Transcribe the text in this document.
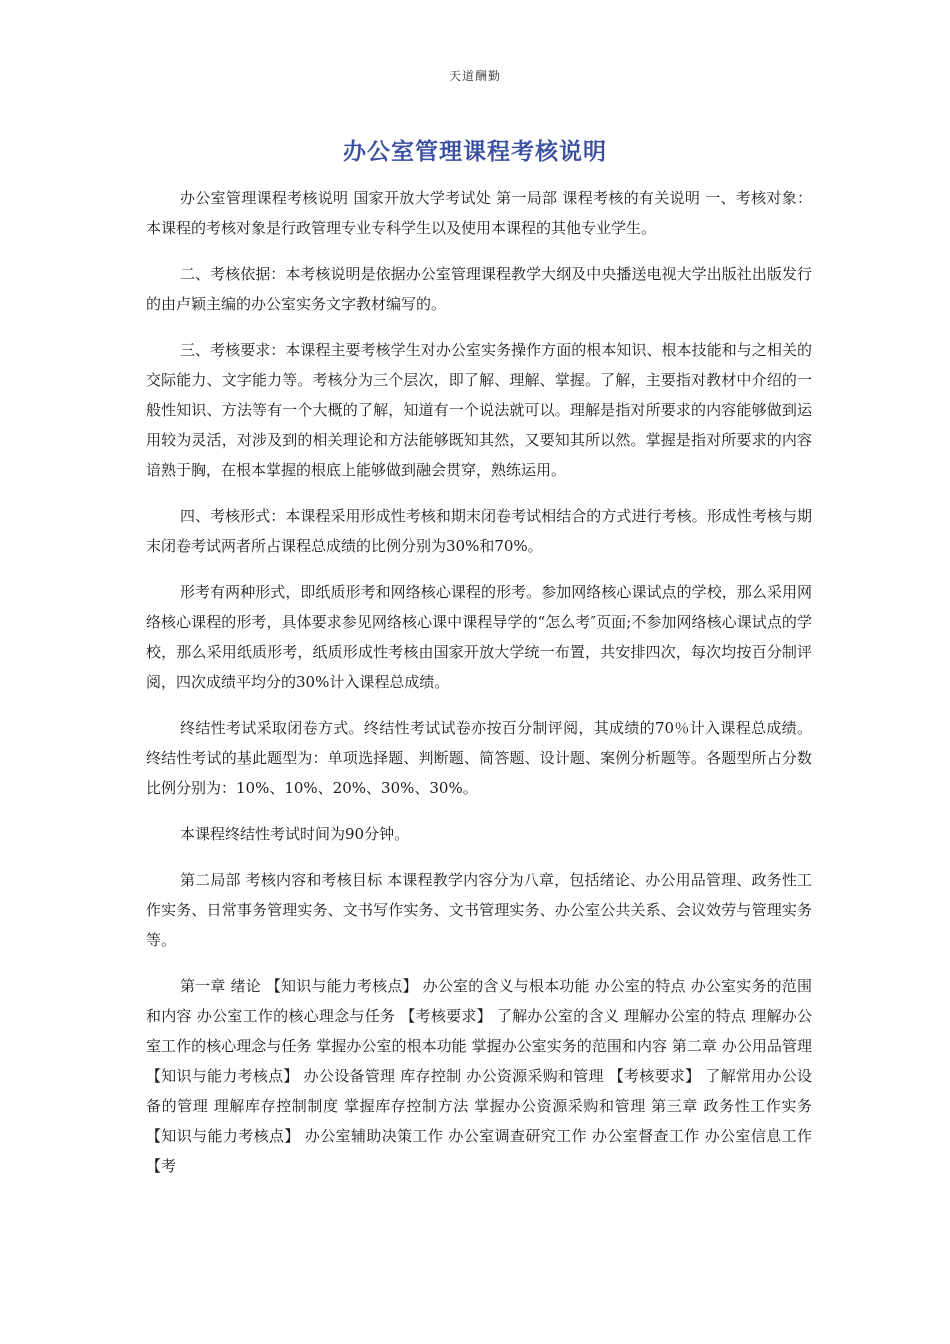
天道酬勤
办公室管理课程考核说明

办公室管理课程考核说明 国家开放大学考试处 第一局部 课程考核的有关说明 一、考核对象：本课程的考核对象是行政管理专业专科学生以及使用本课程的其他专业学生。

二、考核依据：本考核说明是依据办公室管理课程教学大纲及中央播送电视大学出版社出版发行的由卢颖主编的办公室实务文字教材编写的。

三、考核要求：本课程主要考核学生对办公室实务操作方面的根本知识、根本技能和与之相关的交际能力、文字能力等。考核分为三个层次，即了解、理解、掌握。了解，主要指对教材中介绍的一般性知识、方法等有一个大概的了解，知道有一个说法就可以。理解是指对所要求的内容能够做到运用较为灵活，对涉及到的相关理论和方法能够既知其然，又要知其所以然。掌握是指对所要求的内容谙熟于胸，在根本掌握的根底上能够做到融会贯穿，熟练运用。

四、考核形式：本课程采用形成性考核和期末闭卷考试相结合的方式进行考核。形成性考核与期末闭卷考试两者所占课程总成绩的比例分别为30%和70%。

形考有两种形式，即纸质形考和网络核心课程的形考。参加网络核心课试点的学校，那么采用网络核心课程的形考，具体要求参见网络核心课中课程导学的“怎么考″页面;不参加网络核心课试点的学校，那么采用纸质形考，纸质形成性考核由国家开放大学统一布置，共安排四次，每次均按百分制评阅，四次成绩平均分的30%计入课程总成绩。

终结性考试采取闭卷方式。终结性考试试卷亦按百分制评阅，其成绩的70％计入课程总成绩。终结性考试的基此题型为：单项选择题、判断题、简答题、设计题、案例分析题等。各题型所占分数比例分别为：10%、10%、20%、30%、30%。

本课程终结性考试时间为90分钟。

第二局部 考核内容和考核目标 本课程教学内容分为八章，包括绪论、办公用品管理、政务性工作实务、日常事务管理实务、文书写作实务、文书管理实务、办公室公共关系、会议效劳与管理实务等。

第一章 绪论 【知识与能力考核点】 办公室的含义与根本功能 办公室的特点 办公室实务的范围和内容 办公室工作的核心理念与任务 【考核要求】 了解办公室的含义 理解办公室的特点 理解办公室工作的核心理念与任务 掌握办公室的根本功能 掌握办公室实务的范围和内容 第二章 办公用品管理 【知识与能力考核点】 办公设备管理 库存控制 办公资源采购和管理 【考核要求】 了解常用办公设备的管理 理解库存控制制度 掌握库存控制方法 掌握办公资源采购和管理 第三章 政务性工作实务 【知识与能力考核点】 办公室辅助决策工作 办公室调查研究工作 办公室督查工作 办公室信息工作 【考
